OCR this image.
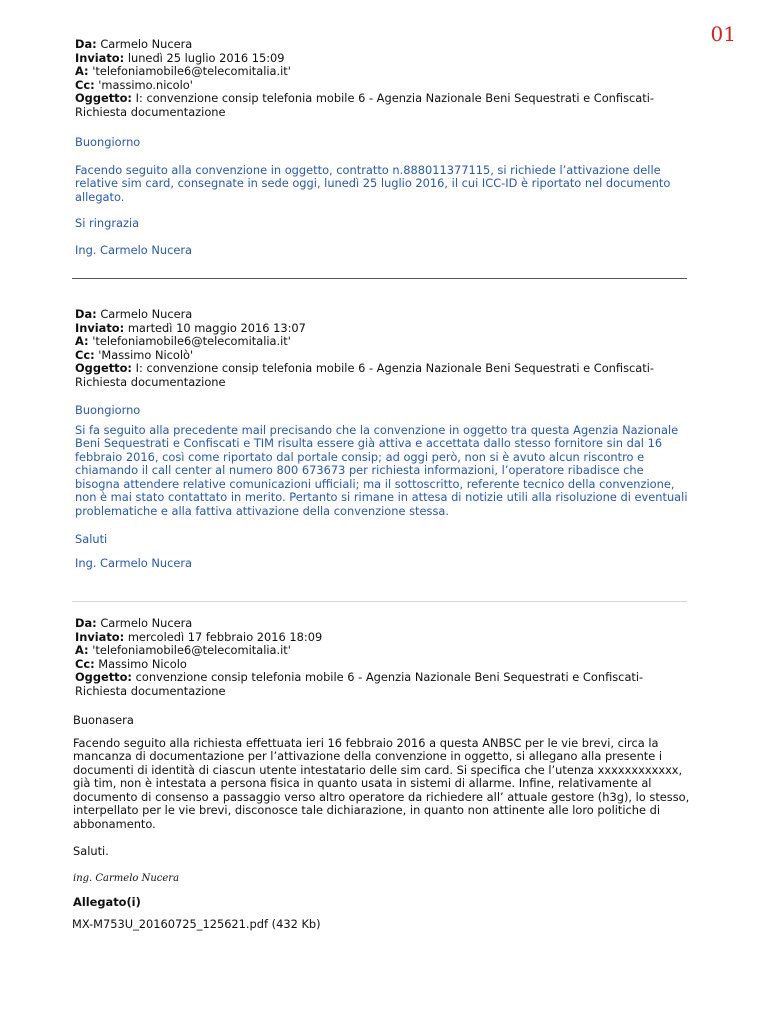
01
Da: Carmelo Nucera
Inviato: lunedì 25 luglio 2016 15:09
A: 'telefoniamobile6@telecomitalia.it'
Cc: 'massimo.nicolo'
Oggetto: I: convenzione consip telefonia mobile 6 - Agenzia Nazionale Beni Sequestrati e Confiscati-Richiesta documentazione

Buongiorno

Facendo seguito alla convenzione in oggetto, contratto n.888011377115, si richiede l’attivazione delle relative sim card, consegnate in sede oggi, lunedì 25 luglio 2016, il cui ICC-ID è riportato nel documento allegato.

Si ringrazia

Ing. Carmelo Nucera

Da: Carmelo Nucera
Inviato: martedì 10 maggio 2016 13:07
A: 'telefoniamobile6@telecomitalia.it'
Cc: 'Massimo Nicolò'
Oggetto: I: convenzione consip telefonia mobile 6 - Agenzia Nazionale Beni Sequestrati e Confiscati-Richiesta documentazione

Buongiorno

Si fa seguito alla precedente mail precisando che la convenzione in oggetto tra questa Agenzia Nazionale Beni Sequestrati e Confiscati e TIM risulta essere già attiva e accettata dallo stesso fornitore sin dal 16 febbraio 2016, così come riportato dal portale consip; ad oggi però, non si è avuto alcun riscontro e chiamando il call center al numero 800 673673 per richiesta informazioni, l’operatore ribadisce che bisogna attendere relative comunicazioni ufficiali; ma il sottoscritto, referente tecnico della convenzione, non è mai stato contattato in merito. Pertanto si rimane in attesa di notizie utili alla risoluzione di eventuali problematiche e alla fattiva attivazione della convenzione stessa.

Saluti

Ing. Carmelo Nucera

Da: Carmelo Nucera
Inviato: mercoledì 17 febbraio 2016 18:09
A: 'telefoniamobile6@telecomitalia.it'
Cc: Massimo Nicolo
Oggetto: convenzione consip telefonia mobile 6 - Agenzia Nazionale Beni Sequestrati e Confiscati-Richiesta documentazione

Buonasera

Facendo seguito alla richiesta effettuata ieri 16 febbraio 2016 a questa ANBSC per le vie brevi, circa la mancanza di documentazione per l’attivazione della convenzione in oggetto, si allegano alla presente i documenti di identità di ciascun utente intestatario delle sim card. Si specifica che l’utenza xxxxxxxxxxxx, già tim, non è intestata a persona fisica in quanto usata in sistemi di allarme. Infine, relativamente al documento di consenso a passaggio verso altro operatore da richiedere all’ attuale gestore (h3g), lo stesso, interpellato per le vie brevi, disconosce tale dichiarazione, in quanto non attinente alle loro politiche di abbonamento.

Saluti.

ing. Carmelo Nucera

Allegato(i)

MX-M753U_20160725_125621.pdf (432 Kb)
